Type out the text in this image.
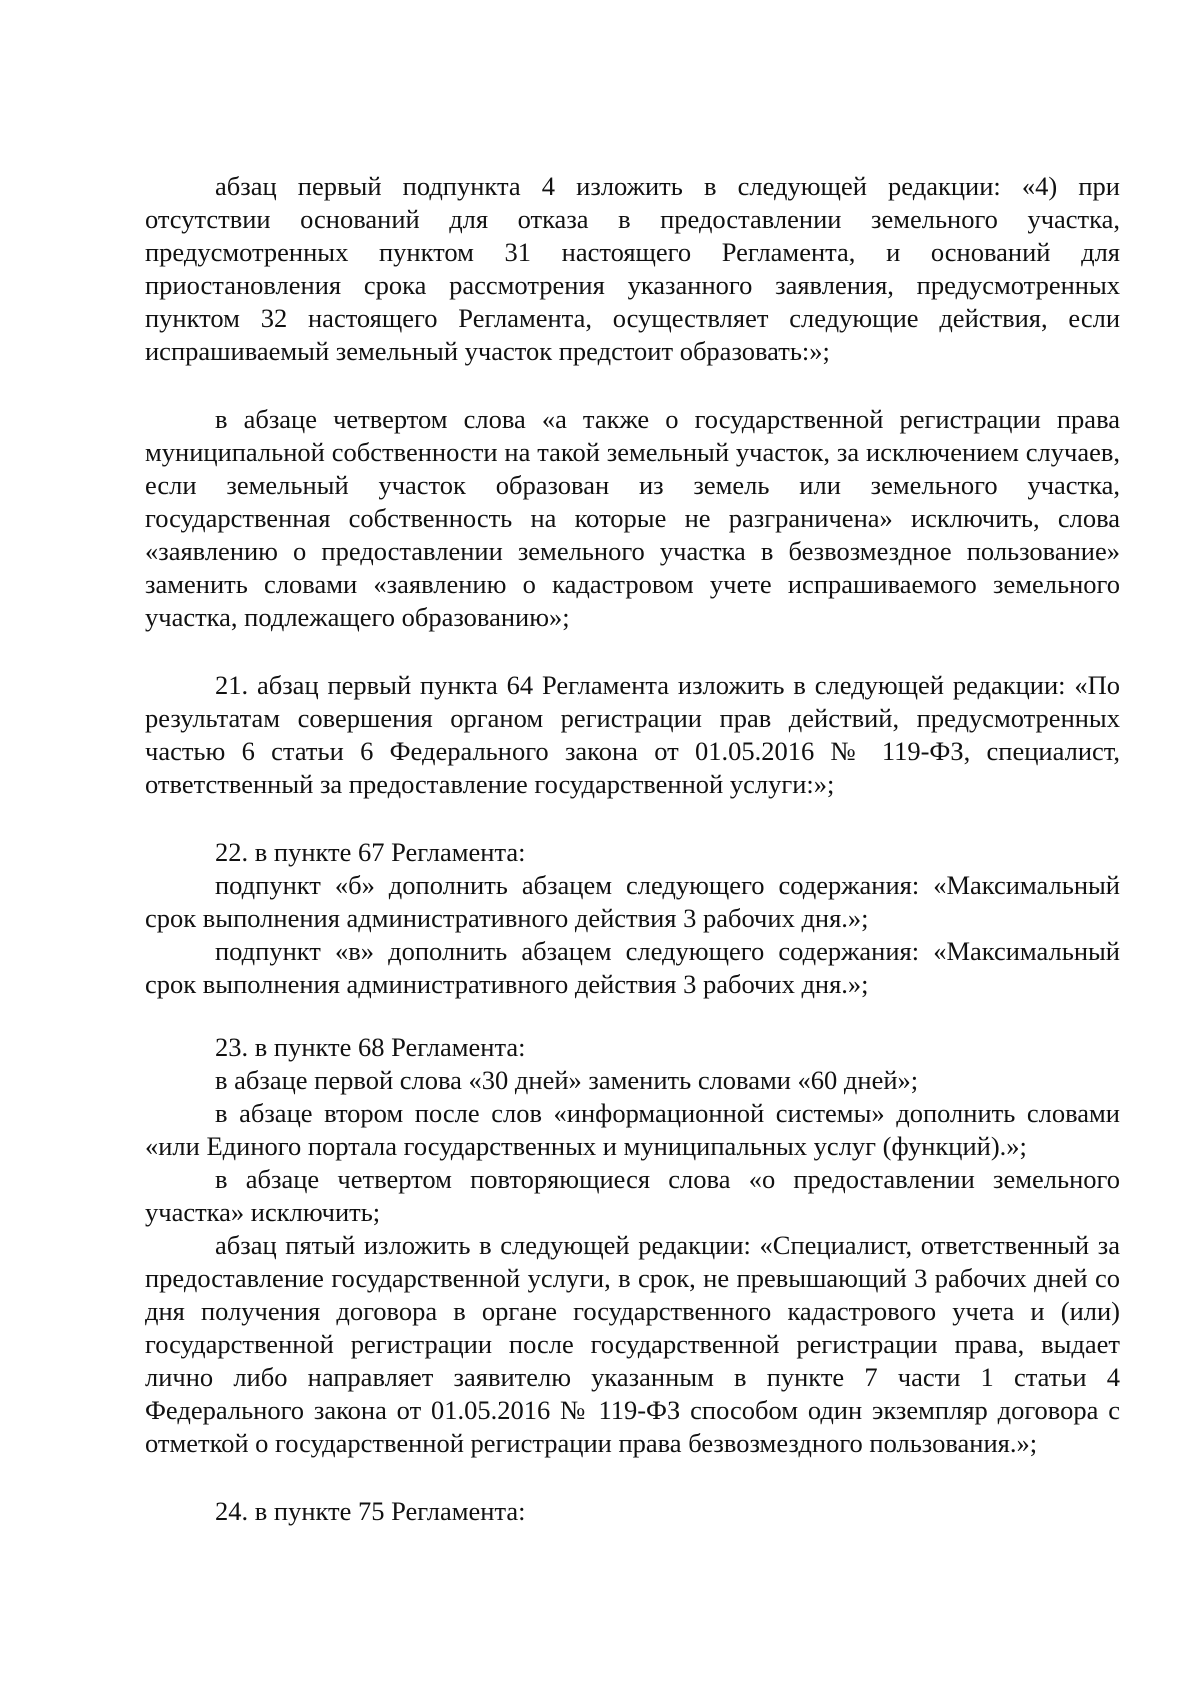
абзац первый подпункта 4 изложить в следующей редакции: «4) при отсутствии оснований для отказа в предоставлении земельного участка, предусмотренных пунктом 31 настоящего Регламента, и оснований для приостановления срока рассмотрения указанного заявления, предусмотренных пунктом 32 настоящего Регламента, осуществляет следующие действия, если испрашиваемый земельный участок предстоит образовать:»;

в абзаце четвертом слова «а также о государственной регистрации права муниципальной собственности на такой земельный участок, за исключением случаев, если земельный участок образован из земель или земельного участка, государственная собственность на которые не разграничена» исключить, слова «заявлению о предоставлении земельного участка в безвозмездное пользование» заменить словами «заявлению о кадастровом учете испрашиваемого земельного участка, подлежащего образованию»;

21. абзац первый пункта 64 Регламента изложить в следующей редакции: «По результатам совершения органом регистрации прав действий, предусмотренных частью 6 статьи 6 Федерального закона от 01.05.2016 № 119-ФЗ, специалист, ответственный за предоставление государственной услуги:»;

22. в пункте 67 Регламента:

подпункт «б» дополнить абзацем следующего содержания: «Максимальный срок выполнения административного действия 3 рабочих дня.»;

подпункт «в» дополнить абзацем следующего содержания: «Максимальный срок выполнения административного действия 3 рабочих дня.»;

23. в пункте 68 Регламента:

в абзаце первой слова «30 дней» заменить словами «60 дней»;

в абзаце втором после слов «информационной системы» дополнить словами «или Единого портала государственных и муниципальных услуг (функций).»;

в абзаце четвертом повторяющиеся слова «о предоставлении земельного участка» исключить;

абзац пятый изложить в следующей редакции: «Специалист, ответственный за предоставление государственной услуги, в срок, не превышающий 3 рабочих дней со дня получения договора в органе государственного кадастрового учета и (или) государственной регистрации после государственной регистрации права, выдает лично либо направляет заявителю указанным в пункте 7 части 1 статьи 4 Федерального закона от 01.05.2016 № 119-ФЗ способом один экземпляр договора с отметкой о государственной регистрации права безвозмездного пользования.»;

24. в пункте 75 Регламента:
